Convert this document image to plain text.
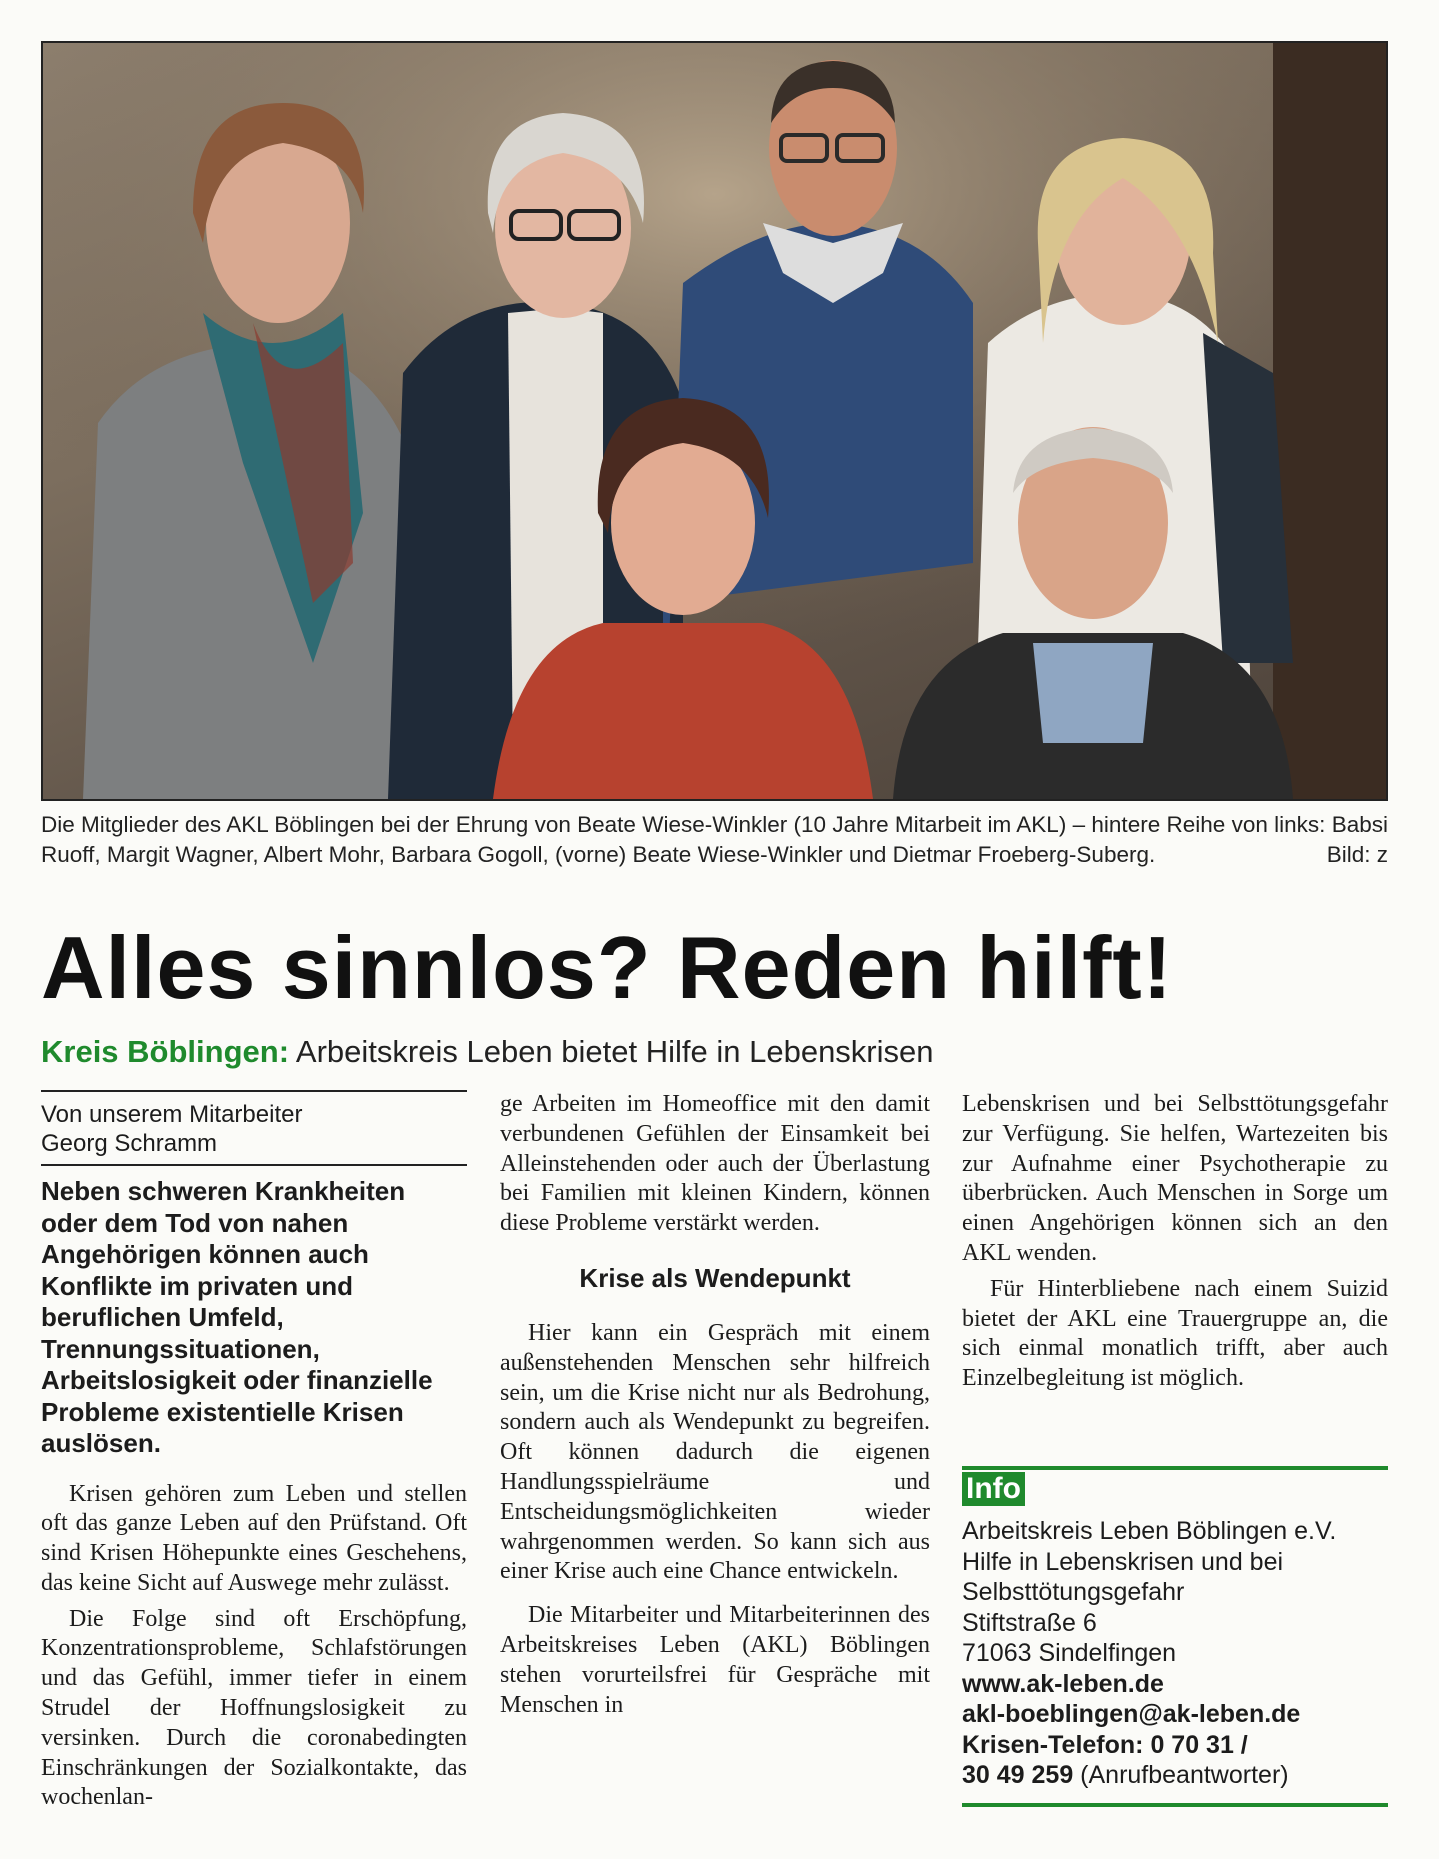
Die Mitglieder des AKL Böblingen bei der Ehrung von Beate Wiese-Winkler (10 Jahre Mitarbeit im AKL) – hintere Reihe von links: Babsi Ruoff, Margit Wagner, Albert Mohr, Barbara Gogoll, (vorne) Beate Wiese-Winkler und Dietmar Froeberg-Suberg.	Bild: z
Alles sinnlos? Reden hilft!
Kreis Böblingen: Arbeitskreis Leben bietet Hilfe in Lebenskrisen
Von unserem Mitarbeiter
Georg Schramm
Neben schweren Krankheiten oder dem Tod von nahen Angehörigen können auch Konflikte im privaten und beruflichen Umfeld, Trennungssituationen, Arbeitslosigkeit oder finanzielle Probleme existentielle Krisen auslösen.

Krisen gehören zum Leben und stellen oft das ganze Leben auf den Prüfstand. Oft sind Krisen Höhepunkte eines Geschehens, das keine Sicht auf Auswege mehr zulässt.

Die Folge sind oft Erschöpfung, Konzentrationsprobleme, Schlafstörungen und das Gefühl, immer tiefer in einem Strudel der Hoffnungslosigkeit zu versinken. Durch die coronabedingten Einschränkungen der Sozialkontakte, das wochenlan-

ge Arbeiten im Homeoffice mit den damit verbundenen Gefühlen der Einsamkeit bei Alleinstehenden oder auch der Überlastung bei Familien mit kleinen Kindern, können diese Probleme verstärkt werden.

Krise als Wendepunkt

Hier kann ein Gespräch mit einem außenstehenden Menschen sehr hilfreich sein, um die Krise nicht nur als Bedrohung, sondern auch als Wendepunkt zu begreifen. Oft können dadurch die eigenen Handlungsspielräume und Entscheidungsmöglichkeiten wieder wahrgenommen werden. So kann sich aus einer Krise auch eine Chance entwickeln.

Die Mitarbeiter und Mitarbeiterinnen des Arbeitskreises Leben (AKL) Böblingen stehen vorurteilsfrei für Gespräche mit Menschen in

Lebenskrisen und bei Selbsttötungsgefahr zur Verfügung. Sie helfen, Wartezeiten bis zur Aufnahme einer Psychotherapie zu überbrücken. Auch Menschen in Sorge um einen Angehörigen können sich an den AKL wenden.

Für Hinterbliebene nach einem Suizid bietet der AKL eine Trauergruppe an, die sich einmal monatlich trifft, aber auch Einzelbegleitung ist möglich.

Info
Arbeitskreis Leben Böblingen e.V.
Hilfe in Lebenskrisen und bei
Selbsttötungsgefahr
Stiftstraße 6
71063 Sindelfingen
www.ak-leben.de
akl-boeblingen@ak-leben.de
Krisen-Telefon: 0 70 31 /
30 49 259 (Anrufbeantworter)
